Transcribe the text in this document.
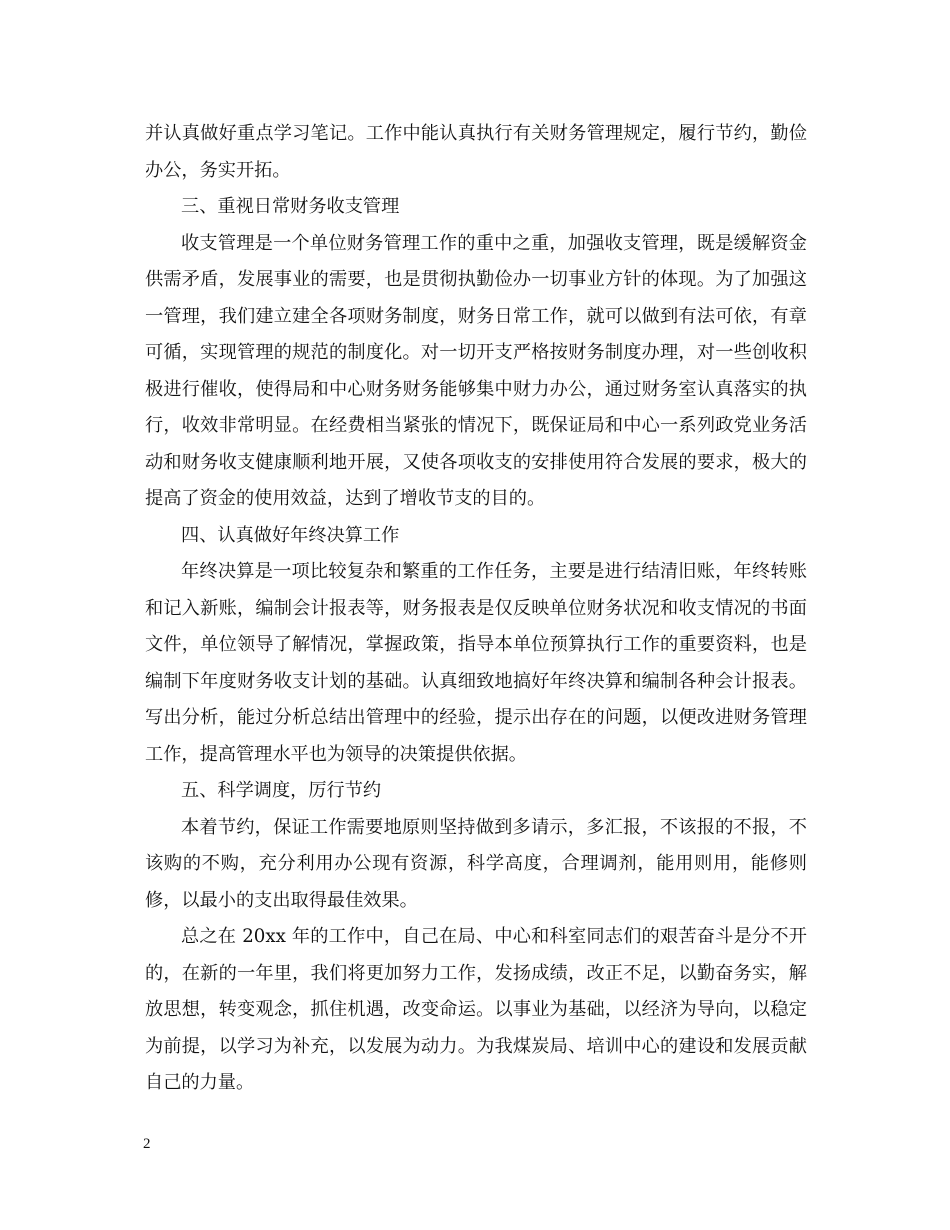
并认真做好重点学习笔记。工作中能认真执行有关财务管理规定，履行节约，勤俭办公，务实开拓。

三、重视日常财务收支管理

收支管理是一个单位财务管理工作的重中之重，加强收支管理，既是缓解资金供需矛盾，发展事业的需要，也是贯彻执勤俭办一切事业方针的体现。为了加强这一管理，我们建立建全各项财务制度，财务日常工作，就可以做到有法可依，有章可循，实现管理的规范的制度化。对一切开支严格按财务制度办理，对一些创收积极进行催收，使得局和中心财务财务能够集中财力办公，通过财务室认真落实的执行，收效非常明显。在经费相当紧张的情况下，既保证局和中心一系列政党业务活动和财务收支健康顺利地开展，又使各项收支的安排使用符合发展的要求，极大的提高了资金的使用效益，达到了增收节支的目的。

四、认真做好年终决算工作

年终决算是一项比较复杂和繁重的工作任务，主要是进行结清旧账，年终转账和记入新账，编制会计报表等，财务报表是仅反映单位财务状况和收支情况的书面文件，单位领导了解情况，掌握政策，指导本单位预算执行工作的重要资料，也是编制下年度财务收支计划的基础。认真细致地搞好年终决算和编制各种会计报表。写出分析，能过分析总结出管理中的经验，提示出存在的问题，以便改进财务管理工作，提高管理水平也为领导的决策提供依据。

五、科学调度，厉行节约

本着节约，保证工作需要地原则坚持做到多请示，多汇报，不该报的不报，不该购的不购，充分利用办公现有资源，科学高度，合理调剂，能用则用，能修则修，以最小的支出取得最佳效果。

总之在 20xx 年的工作中，自己在局、中心和科室同志们的艰苦奋斗是分不开的，在新的一年里，我们将更加努力工作，发扬成绩，改正不足，以勤奋务实，解放思想，转变观念，抓住机遇，改变命运。以事业为基础，以经济为导向，以稳定为前提，以学习为补充，以发展为动力。为我煤炭局、培训中心的建设和发展贡献自己的力量。

2
